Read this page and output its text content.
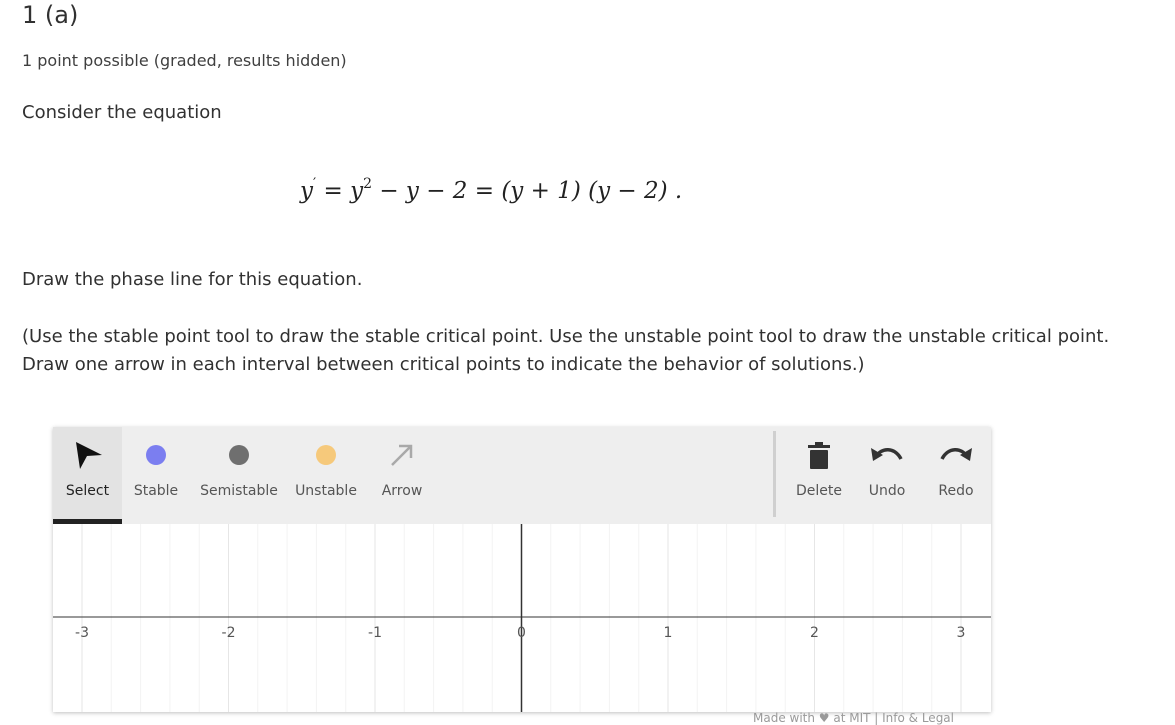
1 (a)
1 point possible (graded, results hidden)
Consider the equation
$y' = y^2 - y - 2 = (y + 1) (y - 2)$ .
Draw the phase line for this equation.
(Use the stable point tool to draw the stable critical point. Use the unstable point tool to draw the unstable critical point.
Draw one arrow in each interval between critical points to indicate the behavior of solutions.)
Select Stable Semistable Unstable Arrow	Delete Undo Redo
-3	-2	-1	0	1	2	3
Made with ♥ at MIT | Info & Legal
